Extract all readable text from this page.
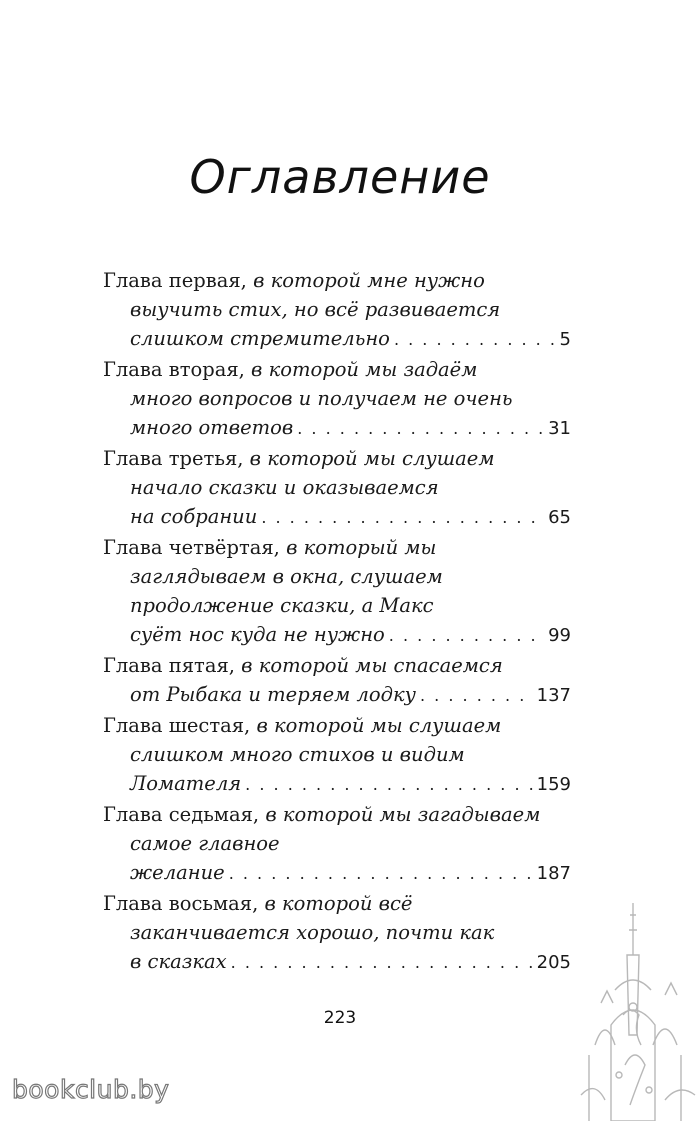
Оглавление
Глава первая, в которой мне нужно
выучить стих, но всё развивается
слишком стремительно . . .	5
Глава вторая, в которой мы задаём
много вопросов и получаем не очень
много ответов . . .	31
Глава третья, в которой мы слушаем
начало сказки и оказываемся
на собрании . . .	65
Глава четвёртая, в который мы
заглядываем в окна, слушаем
продолжение сказки, а Макс
суёт нос куда не нужно . . .	99
Глава пятая, в которой мы спасаемся
от Рыбака и теряем лодку . . .	137
Глава шестая, в которой мы слушаем
слишком много стихов и видим
Ломателя . . .	159
Глава седьмая, в которой мы загадываем
самое главное
желание . . .	187
Глава восьмая, в которой всё
заканчивается хорошо, почти как
в сказках . . .	205
223
bookclub.by
